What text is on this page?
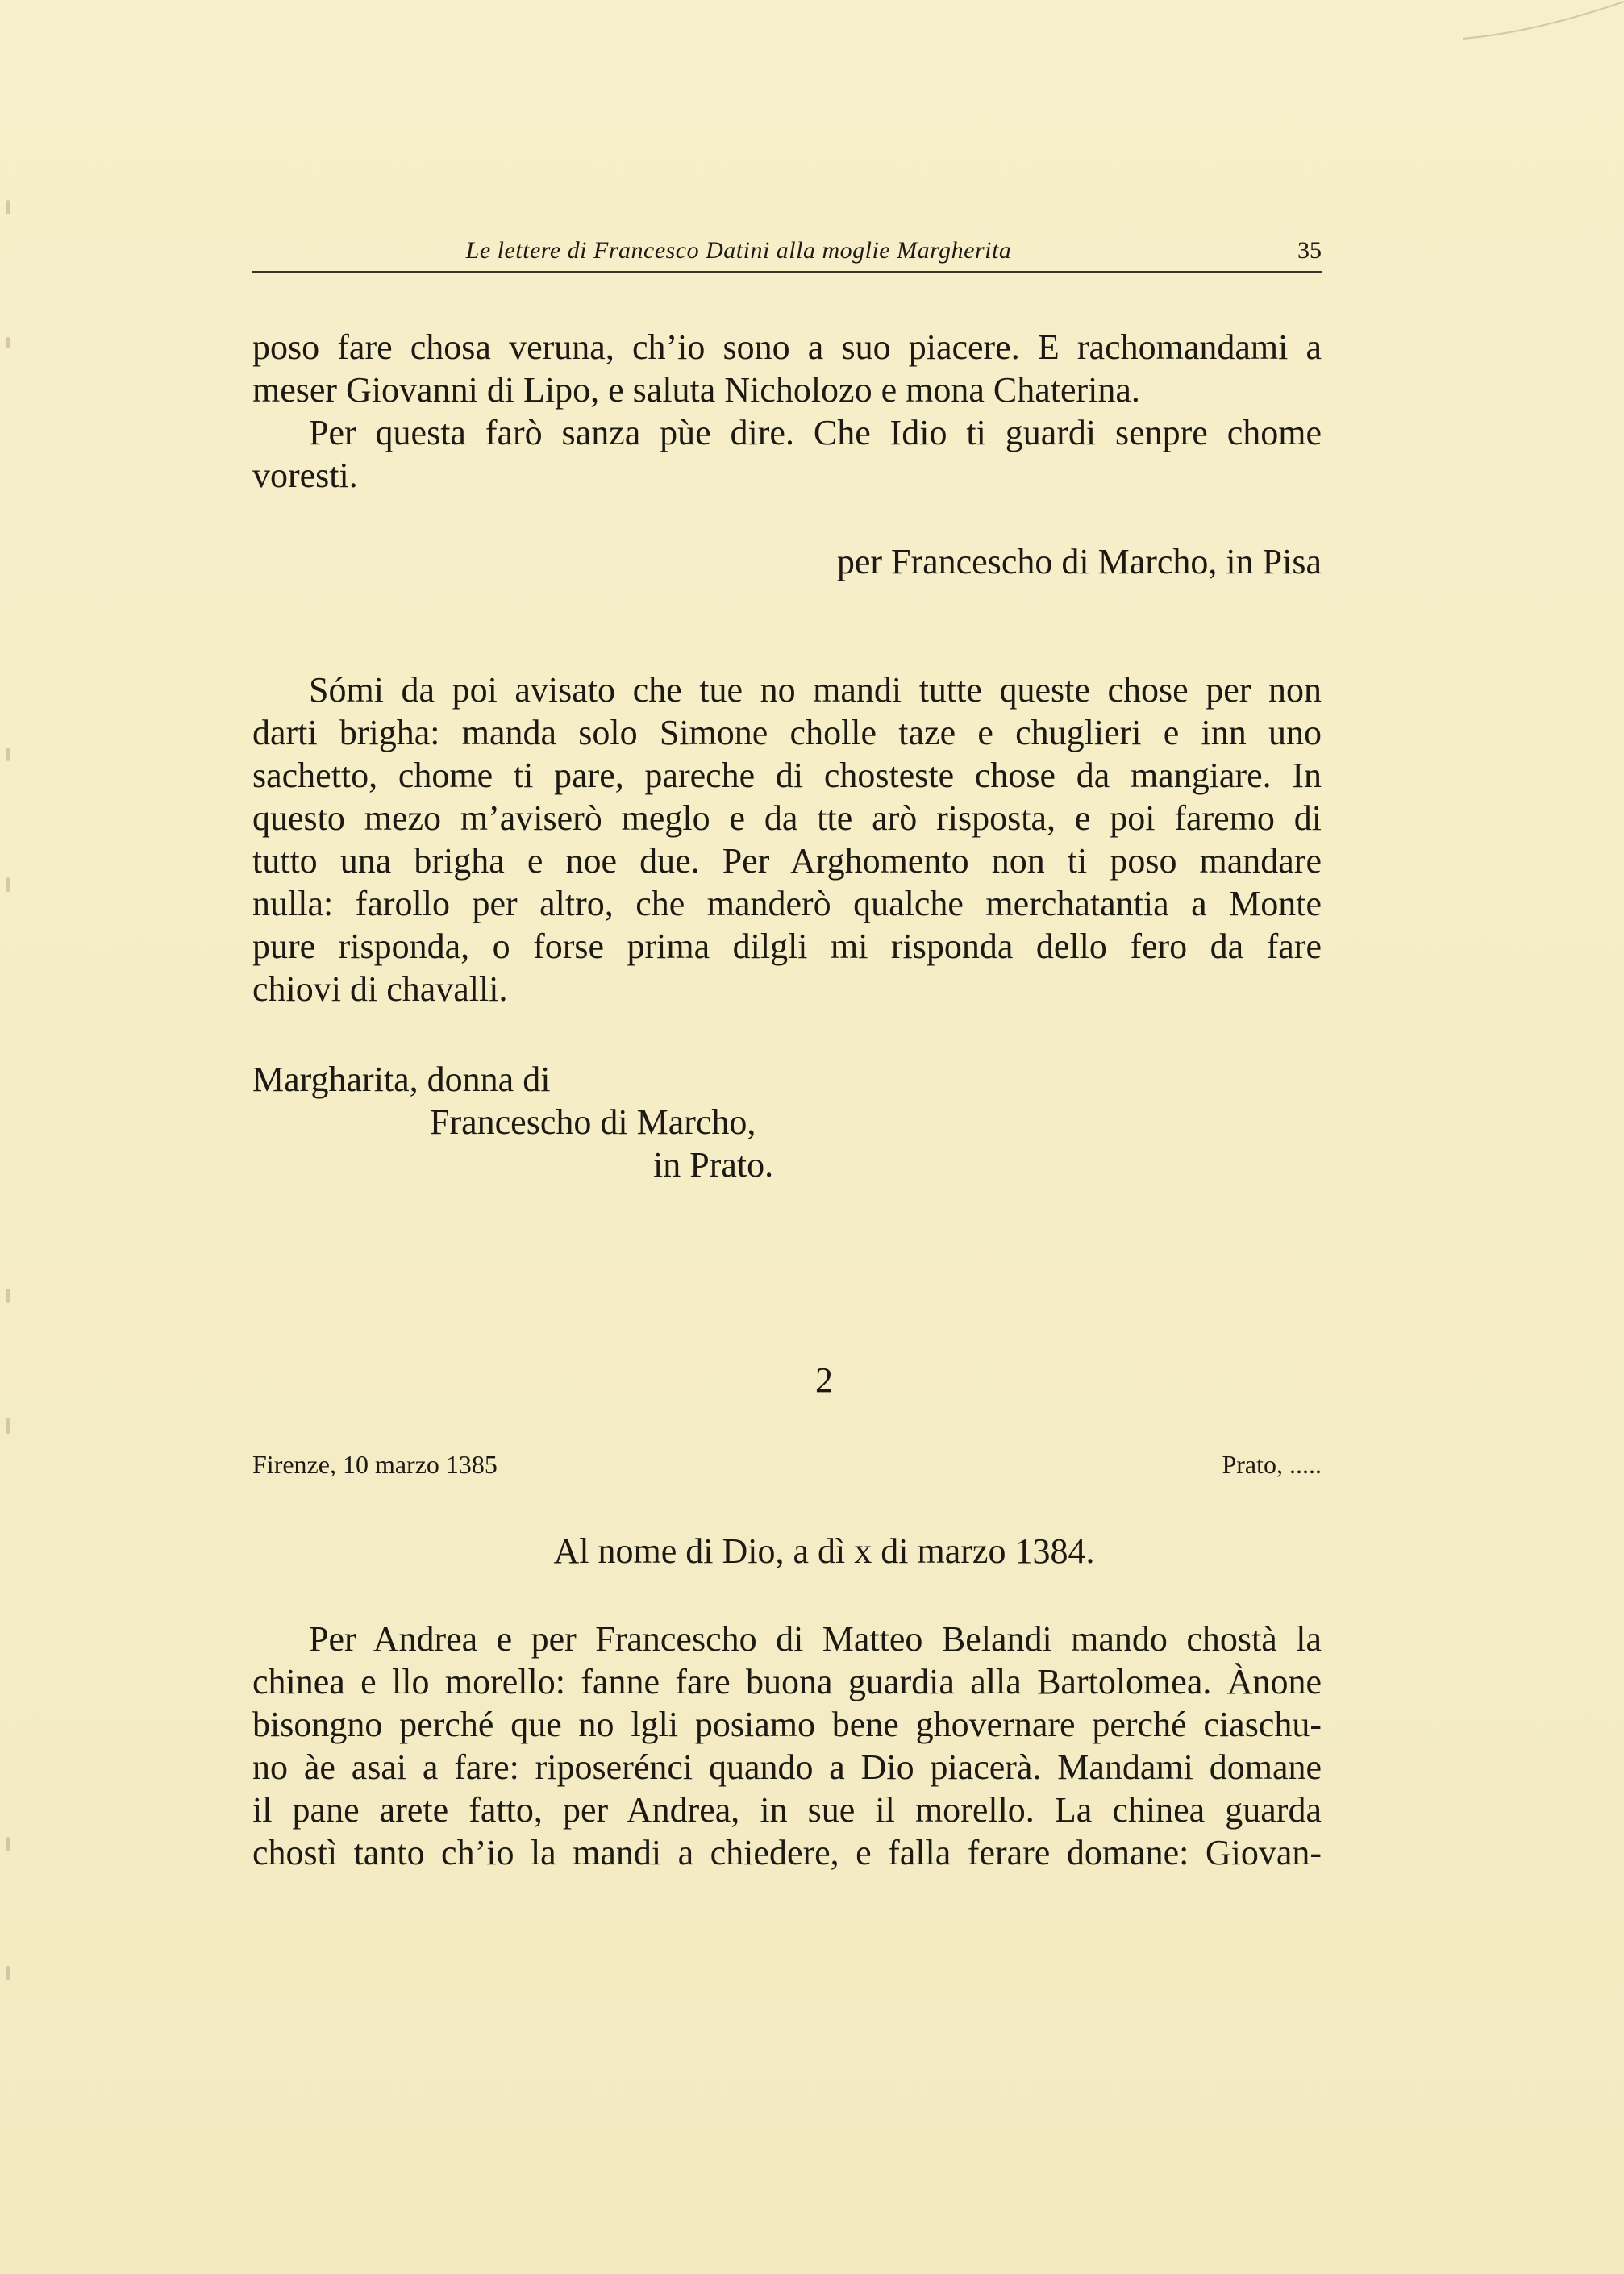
Le lettere di Francesco Datini alla moglie Margherita	35

poso fare chosa veruna, ch’io sono a suo piacere. E rachomandami a
meser Giovanni di Lipo, e saluta Nicholozo e mona Chaterina.

Per questa farò sanza pùe dire. Che Idio ti guardi senpre chome
voresti.

per Francescho di Marcho, in Pisa

Sómi da poi avisato che tue no mandi tutte queste chose per non
darti brigha: manda solo Simone cholle taze e chuglieri e inn uno
sachetto, chome ti pare, pareche di chosteste chose da mangiare. In
questo mezo m’aviserò meglo e da tte arò risposta, e poi faremo di
tutto una brigha e noe due. Per Arghomento non ti poso mandare
nulla: farollo per altro, che manderò qualche merchatantia a Monte
pure risponda, o forse prima dilgli mi risponda dello fero da fare
chiovi di chavalli.

Margharita, donna di
Francescho di Marcho,
in Prato.
2
Firenze, 10 marzo 1385	Prato, .....
Al nome di Dio, a dì x di marzo 1384.

Per Andrea e per Francescho di Matteo Belandi mando chostà la
chinea e llo morello: fanne fare buona guardia alla Bartolomea. Ànone
bisongno perché que no lgli posiamo bene ghovernare perché ciaschu-
no àe asai a fare: riposerénci quando a Dio piacerà. Mandami domane
il pane arete fatto, per Andrea, in sue il morello. La chinea guarda
chostì tanto ch’io la mandi a chiedere, e falla ferare domane: Giovan-
